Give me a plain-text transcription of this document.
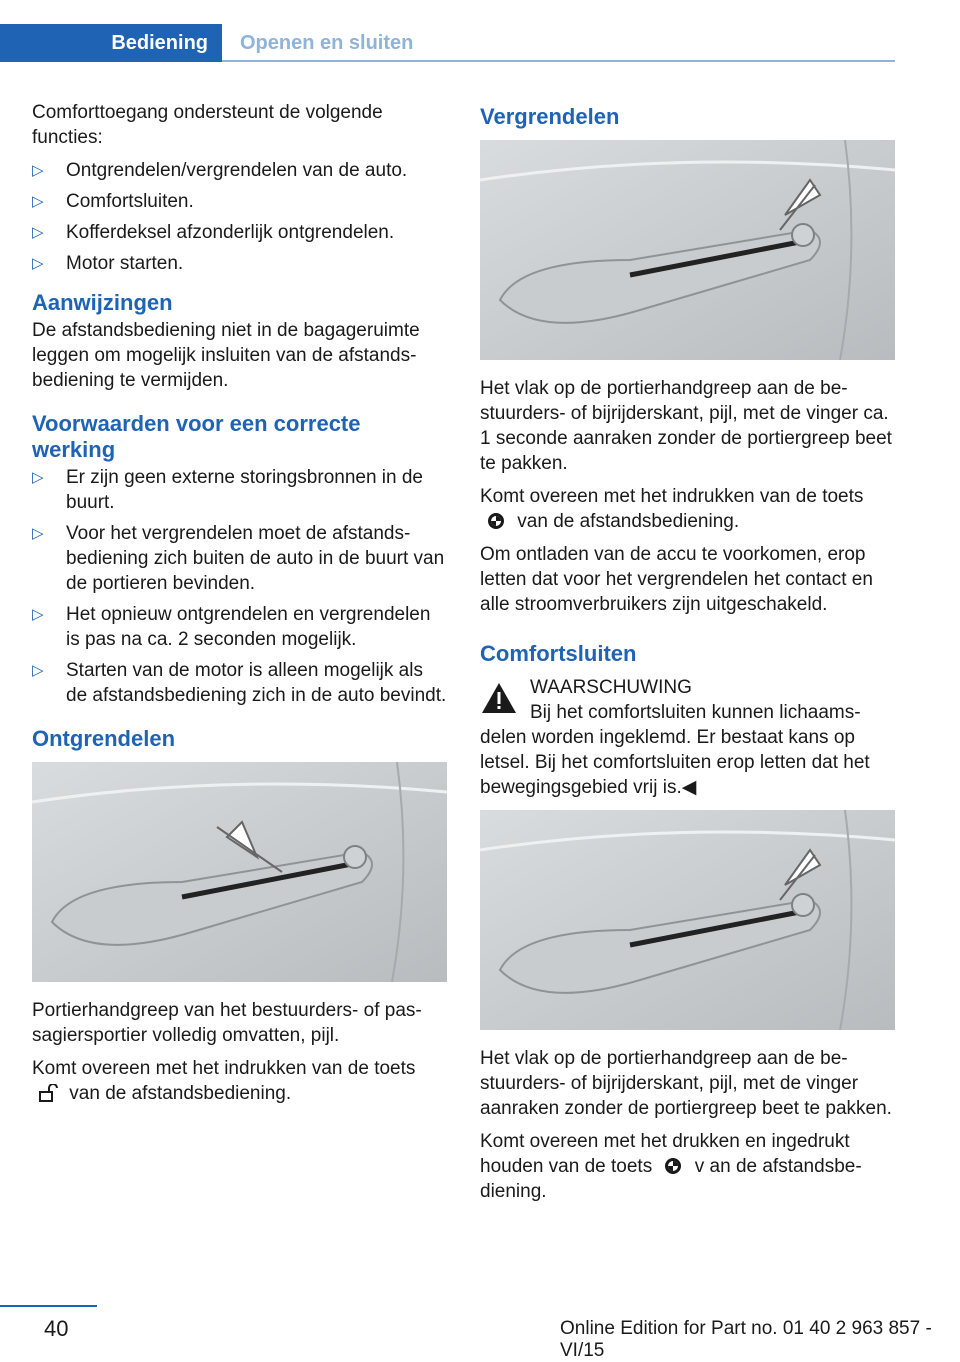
Bediening	Openen en sluiten

Comforttoegang ondersteunt de volgende functies:

▷ Ontgrendelen/vergrendelen van de auto.
▷ Comfortsluiten.
▷ Kofferdeksel afzonderlijk ontgrendelen.
▷ Motor starten.
Aanwijzingen

De afstandsbediening niet in de bagageruimte leggen om mogelijk insluiten van de afstandsbediening te vermijden.

Voorwaarden voor een correcte werking
▷ Er zijn geen externe storingsbronnen in de buurt.
▷ Voor het vergrendelen moet de afstandsbediening zich buiten de auto in de buurt van de portieren bevinden.
▷ Het opnieuw ontgrendelen en vergrendelen is pas na ca. 2 seconden mogelijk.
▷ Starten van de motor is alleen mogelijk als de afstandsbediening zich in de auto bevindt.
Ontgrendelen

Portierhandgreep van het bestuurders- of passagiersportier volledig omvatten, pijl.

Komt overeen met het indrukken van de toets  van de afstandsbediening.

Vergrendelen

Het vlak op de portierhandgreep aan de bestuurders- of bijrijderskant, pijl, met de vinger ca. 1 seconde aanraken zonder de portiergreep beet te pakken.

Komt overeen met het indrukken van de toets  van de afstandsbediening.

Om ontladen van de accu te voorkomen, erop letten dat voor het vergrendelen het contact en alle stroomverbruikers zijn uitgeschakeld.

Comfortsluiten

WAARSCHUWING

Bij het comfortsluiten kunnen lichaamsdelen worden ingeklemd. Er bestaat kans op letsel. Bij het comfortsluiten erop letten dat het bewegingsgebied vrij is.◀

Het vlak op de portierhandgreep aan de bestuurders- of bijrijderskant, pijl, met de vinger aanraken zonder de portiergreep beet te pakken.

Komt overeen met het drukken en ingedrukt houden van de toets v an de afstandsbediening.

40	Online Edition for Part no. 01 40 2 963 857 - VI/15
